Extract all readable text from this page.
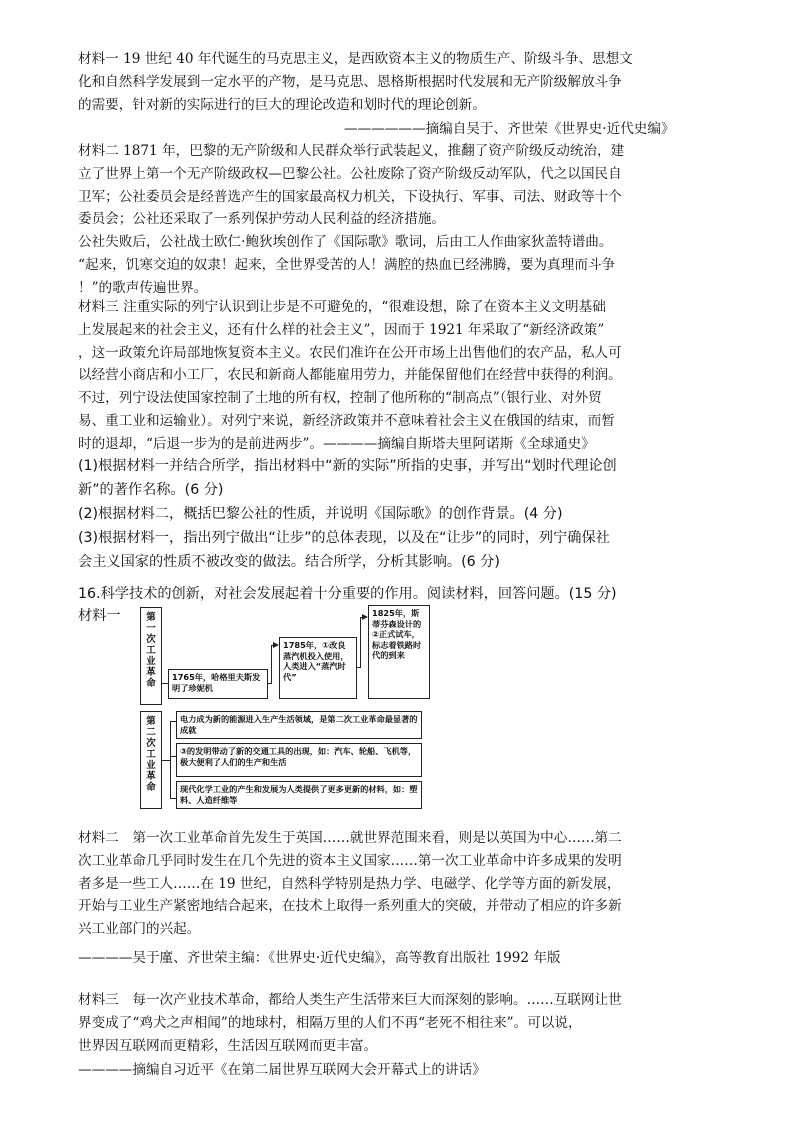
材料一 19 世纪 40 年代诞生的马克思主义，是西欧资本主义的物质生产、阶级斗争、思想文
化和自然科学发展到一定水平的产物，是马克思、恩格斯根据时代发展和无产阶级解放斗争
的需要，针对新的实际进行的巨大的理论改造和划时代的理论创新。
——————摘编自吴于、齐世荣《世界史·近代史编》
材料二 1871 年，巴黎的无产阶级和人民群众举行武装起义，推翻了资产阶级反动统治，建
立了世界上第一个无产阶级政权—巴黎公社。公社废除了资产阶级反动军队，代之以国民自
卫军；公社委员会是经普选产生的国家最高权力机关，下设执行、军事、司法、财政等十个
委员会；公社还采取了一系列保护劳动人民利益的经济措施。
公社失败后，公社战士欧仁·鲍狄埃创作了《国际歌》歌词，后由工人作曲家狄盖特谱曲。
“起来，饥寒交迫的奴隶！起来，全世界受苦的人！满腔的热血已经沸腾，要为真理而斗争
！”的歌声传遍世界。
材料三 注重实际的列宁认识到让步是不可避免的，“很难设想，除了在资本主义文明基础
上发展起来的社会主义，还有什么样的社会主义”，因而于 1921 年采取了“新经济政策”
，这一政策允许局部地恢复资本主义。农民们准许在公开市场上出售他们的农产品，私人可
以经营小商店和小工厂，农民和新商人都能雇用劳力，并能保留他们在经营中获得的利润。
不过，列宁设法使国家控制了土地的所有权，控制了他所称的“制高点”（银行业、对外贸
易、重工业和运输业）。对列宁来说，新经济政策并不意味着社会主义在俄国的结束，而暂
时的退却，“后退一步为的是前进两步”。————摘编自斯塔夫里阿诺斯《全球通史》
(1)根据材料一并结合所学，指出材料中“新的实际”所指的史事，并写出“划时代理论创
新”的著作名称。(6 分)
(2)根据材料二，概括巴黎公社的性质，并说明《国际歌》的创作背景。(4 分)
(3)根据材料一，指出列宁做出“让步”的总体表现，以及在“让步”的同时，列宁确保社
会主义国家的性质不被改变的做法。结合所学，分析其影响。(6 分)
16.科学技术的创新，对社会发展起着十分重要的作用。阅读材料，回答问题。(15 分)
材料一	第
一
次
工
业
革
命
第
二
次
工
业
革
命
1765年，哈格里夫斯发明了珍妮机
1785年，①改良蒸汽机投入使用，人类进入“蒸汽时代”
1825年，斯蒂芬森设计的②正式试车，标志着铁路时代的到来
电力成为新的能源进入生产生活领域，是第二次工业革命最显著的成就
③的发明带动了新的交通工具的出现，如：汽车、轮船、飞机等，极大便利了人们的生产和生活
现代化学工业的产生和发展为人类提供了更多更新的材料，如：塑料、人造纤维等
材料二　第一次工业革命首先发生于英国……就世界范围来看，则是以英国为中心……第二
次工业革命几乎同时发生在几个先进的资本主义国家……第一次工业革命中许多成果的发明
者多是一些工人……在 19 世纪，自然科学特别是热力学、电磁学、化学等方面的新发展，
开始与工业生产紧密地结合起来，在技术上取得一系列重大的突破，并带动了相应的许多新
兴工业部门的兴起。
————吴于廑、齐世荣主编：《世界史·近代史编》，高等教育出版社 1992 年版
材料三　每一次产业技术革命，都给人类生产生活带来巨大而深刻的影响。……互联网让世
界变成了“鸡犬之声相闻”的地球村，相隔万里的人们不再“老死不相往来”。可以说，
世界因互联网而更精彩，生活因互联网而更丰富。
————摘编自习近平《在第二届世界互联网大会开幕式上的讲话》
